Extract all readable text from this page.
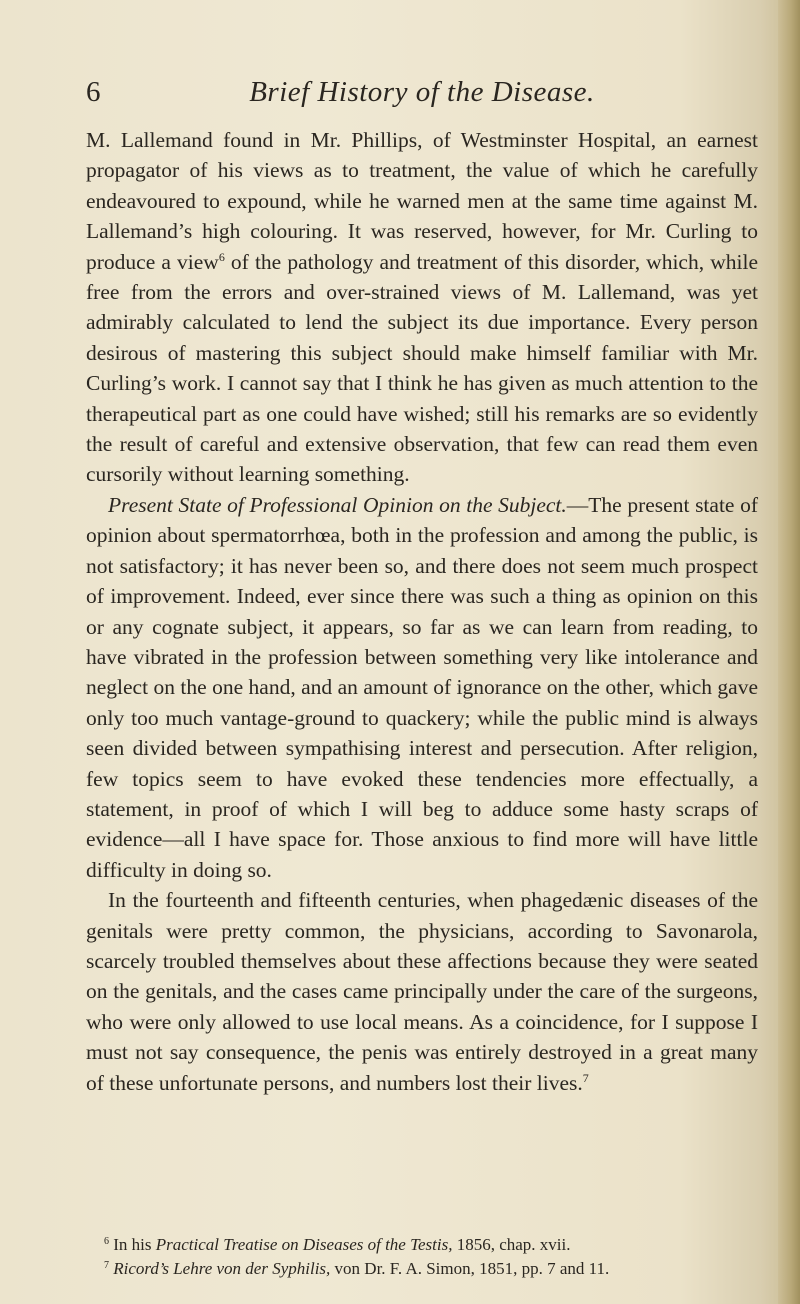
6	Brief History of the Disease.

M. Lallemand found in Mr. Phillips, of Westminster Hospital, an earnest propagator of his views as to treatment, the value of which he carefully endeavoured to expound, while he warned men at the same time against M. Lallemand’s high colouring. It was reserved, however, for Mr. Curling to produce a view$^6$ of the pathology and treatment of this disorder, which, while free from the errors and over-strained views of M. Lallemand, was yet admirably calculated to lend the subject its due importance. Every person desirous of mastering this subject should make himself familiar with Mr. Curling’s work. I cannot say that I think he has given as much attention to the therapeutical part as one could have wished; still his remarks are so evidently the result of careful and extensive observation, that few can read them even cursorily without learning something.

Present State of Professional Opinion on the Subject.—The present state of opinion about spermatorrhœa, both in the profession and among the public, is not satisfactory; it has never been so, and there does not seem much prospect of improvement. Indeed, ever since there was such a thing as opinion on this or any cognate subject, it appears, so far as we can learn from reading, to have vibrated in the profession between something very like intolerance and neglect on the one hand, and an amount of ignorance on the other, which gave only too much vantage-ground to quackery; while the public mind is always seen divided between sympathising interest and persecution. After religion, few topics seem to have evoked these tendencies more effectually, a statement, in proof of which I will beg to adduce some hasty scraps of evidence—all I have space for. Those anxious to find more will have little difficulty in doing so.

In the fourteenth and fifteenth centuries, when phagedænic diseases of the genitals were pretty common, the physicians, according to Savonarola, scarcely troubled themselves about these affections because they were seated on the genitals, and the cases came principally under the care of the surgeons, who were only allowed to use local means. As a coincidence, for I suppose I must not say consequence, the penis was entirely destroyed in a great many of these unfortunate persons, and numbers lost their lives.$^7$

$^6$ In his Practical Treatise on Diseases of the Testis, 1856, chap. xvii.

$^7$ Ricord’s Lehre von der Syphilis, von Dr. F. A. Simon, 1851, pp. 7 and 11.
